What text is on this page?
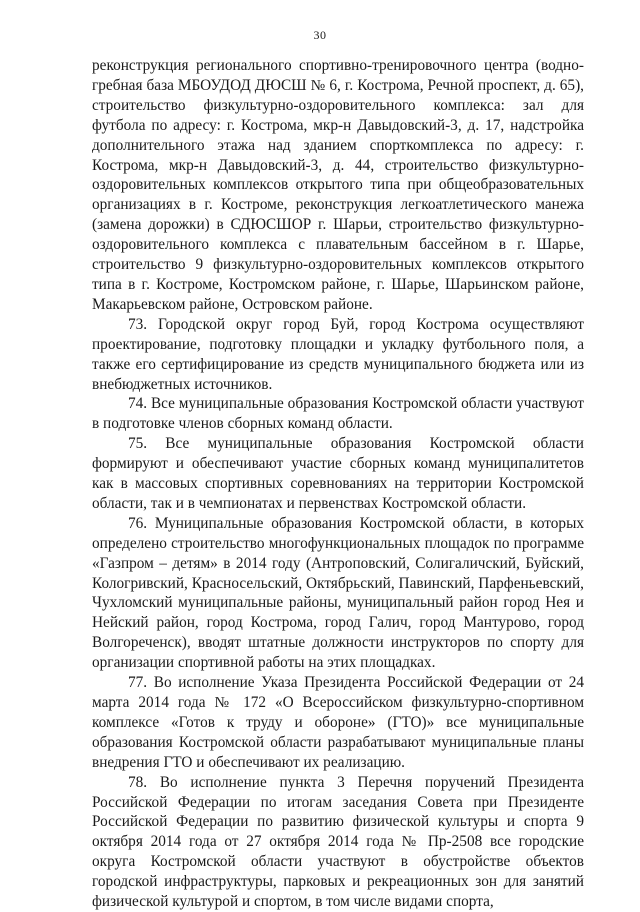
30

реконструкция регионального спортивно-тренировочного центра (водно-гребная база МБОУДОД ДЮСШ № 6, г. Кострома, Речной проспект, д. 65), строительство физкультурно-оздоровительного комплекса: зал для футбола по адресу: г. Кострома, мкр-н Давыдовский-3, д. 17, надстройка дополнительного этажа над зданием спорткомплекса по адресу: г. Кострома, мкр-н Давыдовский-3, д. 44, строительство физкультурно-оздоровительных комплексов открытого типа при общеобразовательных организациях в г. Костроме, реконструкция легкоатлетического манежа (замена дорожки) в СДЮСШОР г. Шарьи, строительство физкультурно-оздоровительного комплекса с плавательным бассейном в г. Шарье, строительство 9 физкультурно-оздоровительных комплексов открытого типа в г. Костроме, Костромском районе, г. Шарье, Шарьинском районе, Макарьевском районе, Островском районе.

73. Городской округ город Буй, город Кострома осуществляют проектирование, подготовку площадки и укладку футбольного поля, а также его сертифицирование из средств муниципального бюджета или из внебюджетных источников.

74. Все муниципальные образования Костромской области участвуют в подготовке членов сборных команд области.

75. Все муниципальные образования Костромской области формируют и обеспечивают участие сборных команд муниципалитетов как в массовых спортивных соревнованиях на территории Костромской области, так и в чемпионатах и первенствах Костромской области.

76. Муниципальные образования Костромской области, в которых определено строительство многофункциональных площадок по программе «Газпром – детям» в 2014 году (Антроповский, Солигаличский, Буйский, Кологривский, Красносельский, Октябрьский, Павинский, Парфеньевский, Чухломский муниципальные районы, муниципальный район город Нея и Нейский район, город Кострома, город Галич, город Мантурово, город Волгореченск), вводят штатные должности инструкторов по спорту для организации спортивной работы на этих площадках.

77. Во исполнение Указа Президента Российской Федерации от 24 марта 2014 года № 172 «О Всероссийском физкультурно-спортивном комплексе «Готов к труду и обороне» (ГТО)» все муниципальные образования Костромской области разрабатывают муниципальные планы внедрения ГТО и обеспечивают их реализацию.

78. Во исполнение пункта 3 Перечня поручений Президента Российской Федерации по итогам заседания Совета при Президенте Российской Федерации по развитию физической культуры и спорта 9 октября 2014 года от 27 октября 2014 года № Пр-2508 все городские округа Костромской области участвуют в обустройстве объектов городской инфраструктуры, парковых и рекреационных зон для занятий физической культурой и спортом, в том числе видами спорта,
